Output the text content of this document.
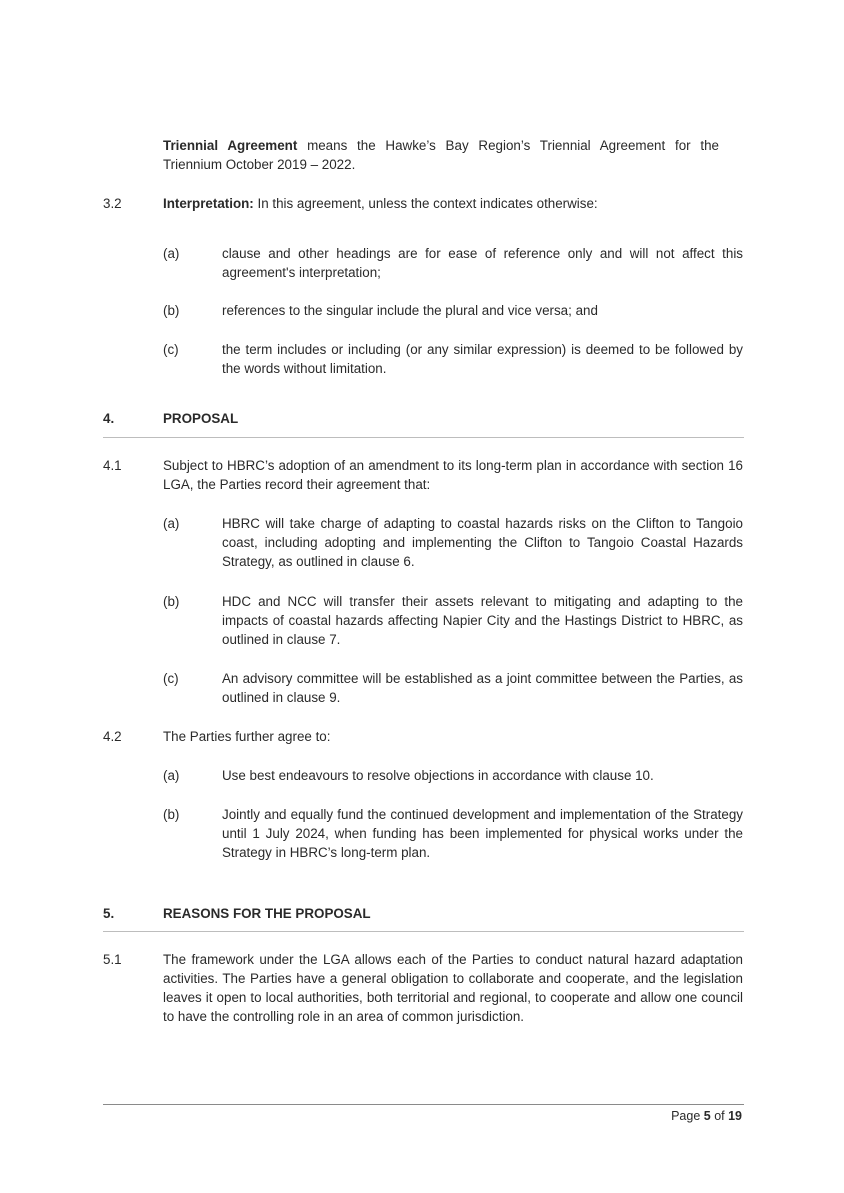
Triennial Agreement means the Hawke’s Bay Region’s Triennial Agreement for the Triennium October 2019 – 2022.

3.2	Interpretation: In this agreement, unless the context indicates otherwise:

(a)	clause and other headings are for ease of reference only and will not affect this agreement's interpretation;

(b)	references to the singular include the plural and vice versa; and

(c)	the term includes or including (or any similar expression) is deemed to be followed by the words without limitation.

4.	PROPOSAL
4.1	Subject to HBRC’s adoption of an amendment to its long-term plan in accordance with section 16 LGA, the Parties record their agreement that:

(a)	HBRC will take charge of adapting to coastal hazards risks on the Clifton to Tangoio coast, including adopting and implementing the Clifton to Tangoio Coastal Hazards Strategy, as outlined in clause 6.

(b)	HDC and NCC will transfer their assets relevant to mitigating and adapting to the impacts of coastal hazards affecting Napier City and the Hastings District to HBRC, as outlined in clause 7.

(c)	An advisory committee will be established as a joint committee between the Parties, as outlined in clause 9.

4.2	The Parties further agree to:

(a)	Use best endeavours to resolve objections in accordance with clause 10.

(b)	Jointly and equally fund the continued development and implementation of the Strategy until 1 July 2024, when funding has been implemented for physical works under the Strategy in HBRC’s long-term plan.

5.	REASONS FOR THE PROPOSAL
5.1	The framework under the LGA allows each of the Parties to conduct natural hazard adaptation activities. The Parties have a general obligation to collaborate and cooperate, and the legislation leaves it open to local authorities, both territorial and regional, to cooperate and allow one council to have the controlling role in an area of common jurisdiction.

Page 5 of 19
